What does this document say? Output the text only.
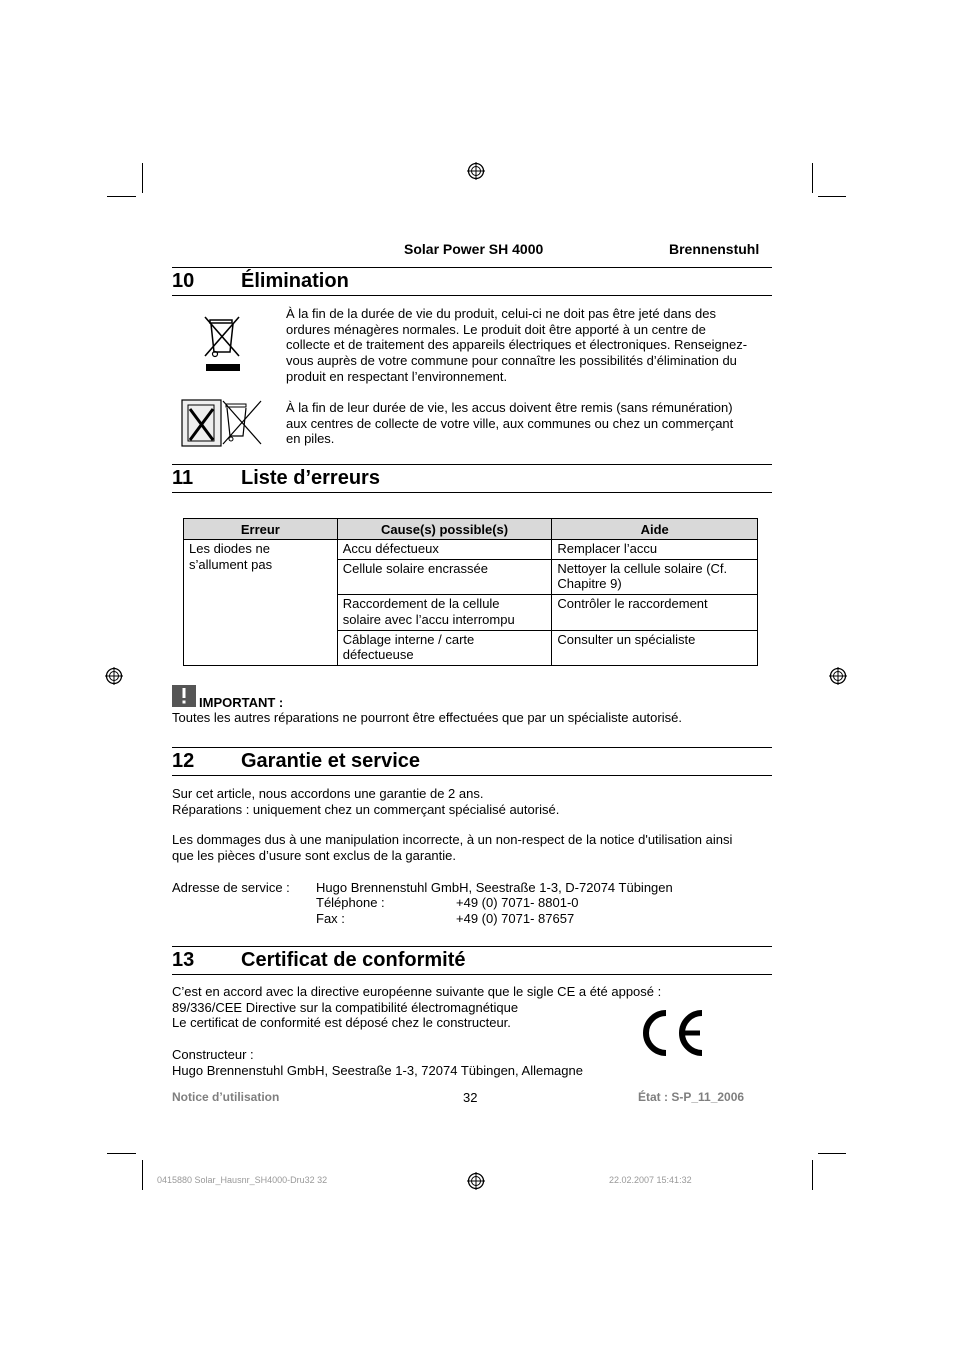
Solar Power SH 4000	Brennenstuhl
10 Élimination
À la fin de la durée de vie du produit, celui-ci ne doit pas être jeté dans des
ordures ménagères normales. Le produit doit être apporté à un centre de
collecte et de traitement des appareils électriques et électroniques. Renseignez-
vous auprès de votre commune pour connaître les possibilités d’élimination du
produit en respectant l’environnement.
À la fin de leur durée de vie, les accus doivent être remis (sans rémunération)
aux centres de collecte de votre ville, aux communes ou chez un commerçant
en piles.
11 Liste d’erreurs
Erreur	Cause(s) possible(s)	Aide

Les diodes ne
s’allument pas	Accu défectueux	Remplacer l’accu

	Cellule solaire encrassée	Nettoyer la cellule solaire (Cf.
Chapitre 9)

	Raccordement de la cellule
solaire avec l’accu interrompu	Contrôler le raccordement

	Câblage interne / carte
défectueuse	Consulter un spécialiste
IMPORTANT :
Toutes les autres réparations ne pourront être effectuées que par un spécialiste autorisé.
12 Garantie et service
Sur cet article, nous accordons une garantie de 2 ans.
Réparations : uniquement chez un commerçant spécialisé autorisé.
Les dommages dus à une manipulation incorrecte, à un non-respect de la notice d'utilisation ainsi
que les pièces d’usure sont exclus de la garantie.
Adresse de service : Hugo Brennenstuhl GmbH, Seestraße 1-3, D-72074 Tübingen
Téléphone :	+49 (0) 7071- 8801-0
Fax :	+49 (0) 7071- 87657
13 Certificat de conformité
C’est en accord avec la directive européenne suivante que le sigle CE a été apposé :
89/336/CEE Directive sur la compatibilité électromagnétique
Le certificat de conformité est déposé chez le constructeur.
Constructeur :
Hugo Brennenstuhl GmbH, Seestraße 1-3, 72074 Tübingen, Allemagne
Notice d’utilisation	32	État : S-P_11_2006
0415880 Solar_Hausnr_SH4000-Dru32 32	22.02.2007 15:41:32
